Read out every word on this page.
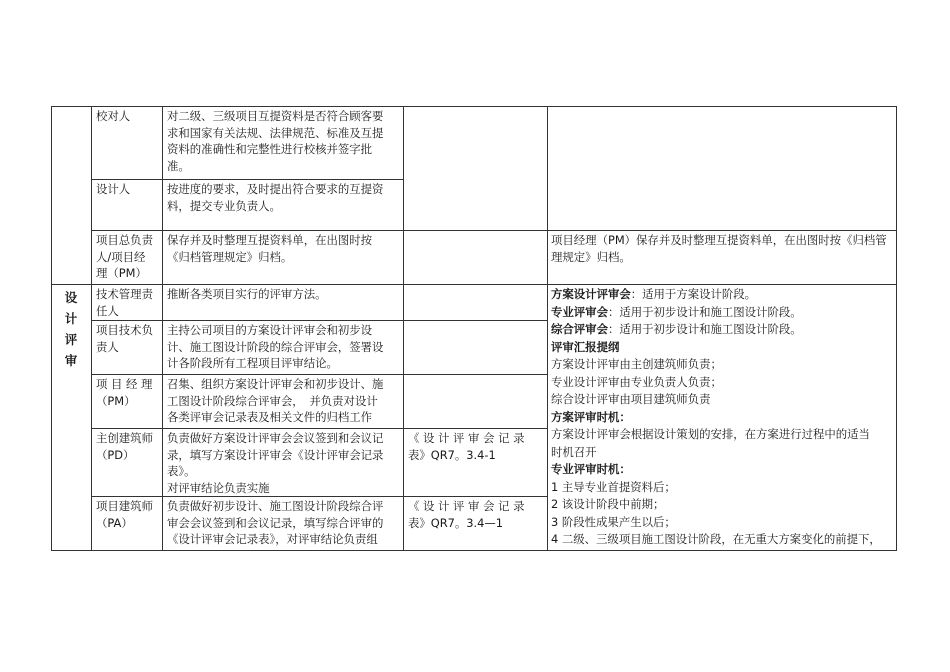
设
计
评
审
校对人	对二级、三级项目互提资料是否符合顾客要
求和国家有关法规、法律规范、标准及互提
资料的准确性和完整性进行校核并签字批
准。
设计人	按进度的要求，及时提出符合要求的互提资
料，提交专业负责人。
项目总负责
人/项目经
理（PM）
保存并及时整理互提资料单，在出图时按
《归档管理规定》归档。
项目经理（PM）保存并及时整理互提资料单，在出图时按《归档管
理规定》归档。
技术管理责
任人
推断各类项目实行的评审方法。
项目技术负
责人
主持公司项目的方案设计评审会和初步设
计、施工图设计阶段的综合评审会，签署设
计各阶段所有工程项目评审结论。
项 目 经 理
（PM）
召集、组织方案设计评审会和初步设计、施
工图设计阶段综合评审会，　并负责对设计
各类评审会记录表及相关文件的归档工作
主创建筑师
（PD）
负责做好方案设计评审会会议签到和会议记
录，填写方案设计评审会《设计评审会记录
表》。
对评审结论负责实施
《 设 计 评 审 会 记 录
表》QR7。3.4-1
项目建筑师
（PA）
负责做好初步设计、施工图设计阶段综合评
审会会议签到和会议记录，填写综合评审的
《设计评审会记录表》，对评审结论负责组
《 设 计 评 审 会 记 录
表》QR7。3.4—1
方案设计评审会：适用于方案设计阶段。
专业评审会：适用于初步设计和施工图设计阶段。
综合评审会：适用于初步设计和施工图设计阶段。
评审汇报提纲
方案设计评审由主创建筑师负责；
专业设计评审由专业负责人负责；
综合设计评审由项目建筑师负责
方案评审时机：
方案设计评审会根据设计策划的安排，在方案进行过程中的适当
时机召开
专业评审时机：
1 主导专业首提资料后；
2 该设计阶段中前期；
3 阶段性成果产生以后；
4 二级、三级项目施工图设计阶段，在无重大方案变化的前提下，
